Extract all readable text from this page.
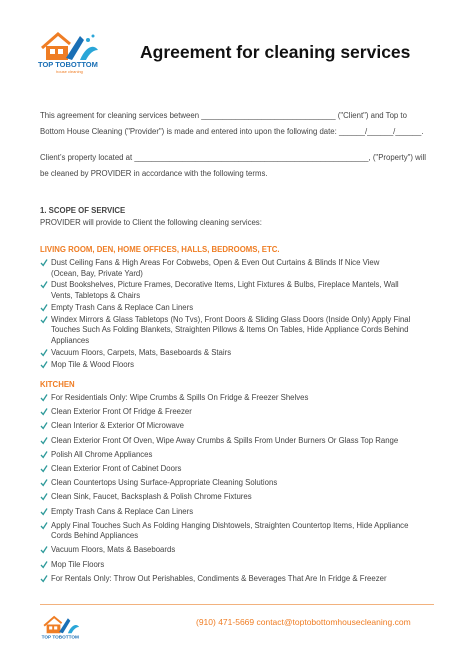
TOP TOBOTTOM
house cleaning
Agreement for cleaning services
This agreement for cleaning services between _______________________________ ("Client") and Top to
Bottom House Cleaning ("Provider") is made and entered into upon the following date: ______/______/______.
Client’s property located at ______________________________________________________, ("Property") will
be cleaned by PROVIDER in accordance with the following terms.
1. SCOPE OF SERVICE
PROVIDER will provide to Client the following cleaning services:
LIVING ROOM, DEN, HOME OFFICES, HALLS, BEDROOMS, ETC.
Dust Ceiling Fans & High Areas For Cobwebs, Open & Even Out Curtains & Blinds If Nice View
(Ocean, Bay, Private Yard)
Dust Bookshelves, Picture Frames, Decorative Items, Light Fixtures & Bulbs, Fireplace Mantels, Wall
Vents, Tabletops & Chairs
Empty Trash Cans & Replace Can Liners
Windex Mirrors & Glass Tabletops (No Tvs), Front Doors & Sliding Glass Doors (Inside Only) Apply Final
Touches Such As Folding Blankets, Straighten Pillows & Items On Tables, Hide Appliance Cords Behind
Appliances
Vacuum Floors, Carpets, Mats, Baseboards & Stairs
Mop Tile & Wood Floors
KITCHEN
For Residentials Only: Wipe Crumbs & Spills On Fridge & Freezer Shelves
Clean Exterior Front Of Fridge & Freezer
Clean Interior & Exterior Of Microwave
Clean Exterior Front Of Oven, Wipe Away Crumbs & Spills From Under Burners Or Glass Top Range
Polish All Chrome Appliances
Clean Exterior Front of Cabinet Doors
Clean Countertops Using Surface-Appropriate Cleaning Solutions
Clean Sink, Faucet, Backsplash & Polish Chrome Fixtures
Empty Trash Cans & Replace Can Liners
Apply Final Touches Such As Folding Hanging Dishtowels, Straighten Countertop Items, Hide Appliance
Cords Behind Appliances
Vacuum Floors, Mats & Baseboards
Mop Tile Floors
For Rentals Only: Throw Out Perishables, Condiments & Beverages That Are In Fridge & Freezer
TOP TOBOTTOM
(910) 471-5669 contact@toptobottomhousecleaning.com
